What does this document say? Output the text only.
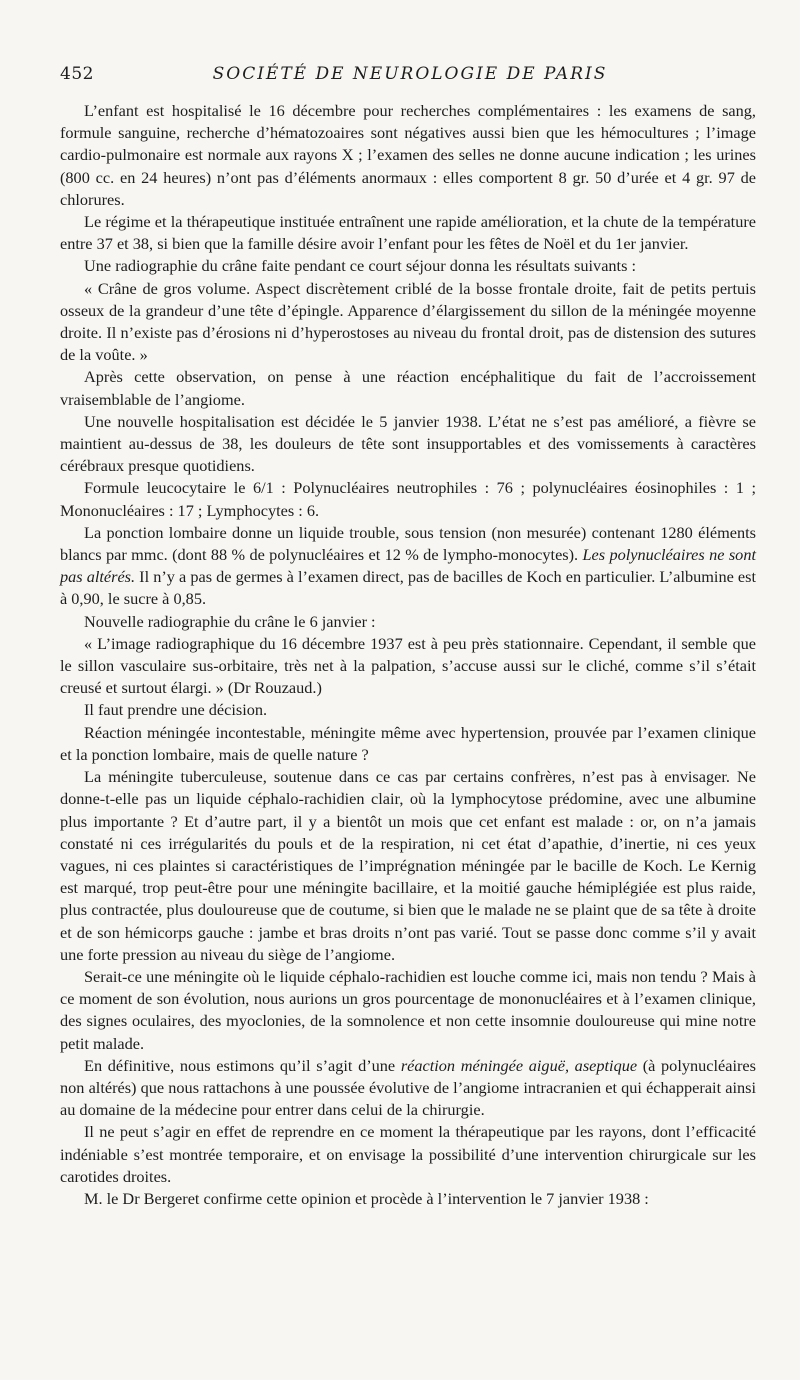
452	SOCIÉTÉ DE NEUROLOGIE DE PARIS

L’enfant est hospitalisé le 16 décembre pour recherches complémentaires : les examens de sang, formule sanguine, recherche d’hématozoaires sont négatives aussi bien que les hémocultures ; l’image cardio-pulmonaire est normale aux rayons X ; l’examen des selles ne donne aucune indication ; les urines (800 cc. en 24 heures) n’ont pas d’éléments anormaux : elles comportent 8 gr. 50 d’urée et 4 gr. 97 de chlorures.

Le régime et la thérapeutique instituée entraînent une rapide amélioration, et la chute de la température entre 37 et 38, si bien que la famille désire avoir l’enfant pour les fêtes de Noël et du 1er janvier.

Une radiographie du crâne faite pendant ce court séjour donna les résultats suivants :

« Crâne de gros volume. Aspect discrètement criblé de la bosse frontale droite, fait de petits pertuis osseux de la grandeur d’une tête d’épingle. Apparence d’élargissement du sillon de la méningée moyenne droite. Il n’existe pas d’érosions ni d’hyperostoses au niveau du frontal droit, pas de distension des sutures de la voûte. »

Après cette observation, on pense à une réaction encéphalitique du fait de l’accroissement vraisemblable de l’angiome.

Une nouvelle hospitalisation est décidée le 5 janvier 1938. L’état ne s’est pas amélioré, a fièvre se maintient au-dessus de 38, les douleurs de tête sont insupportables et des vomissements à caractères cérébraux presque quotidiens.

Formule leucocytaire le 6/1 : Polynucléaires neutrophiles : 76 ; polynucléaires éosinophiles : 1 ; Mononucléaires : 17 ; Lymphocytes : 6.

La ponction lombaire donne un liquide trouble, sous tension (non mesurée) contenant 1280 éléments blancs par mmc. (dont 88 % de polynucléaires et 12 % de lympho-monocytes). Les polynucléaires ne sont pas altérés. Il n’y a pas de germes à l’examen direct, pas de bacilles de Koch en particulier. L’albumine est à 0,90, le sucre à 0,85.

Nouvelle radiographie du crâne le 6 janvier :

« L’image radiographique du 16 décembre 1937 est à peu près stationnaire. Cependant, il semble que le sillon vasculaire sus-orbitaire, très net à la palpation, s’accuse aussi sur le cliché, comme s’il s’était creusé et surtout élargi. » (Dr Rouzaud.)

Il faut prendre une décision.

Réaction méningée incontestable, méningite même avec hypertension, prouvée par l’examen clinique et la ponction lombaire, mais de quelle nature ?

La méningite tuberculeuse, soutenue dans ce cas par certains confrères, n’est pas à envisager. Ne donne-t-elle pas un liquide céphalo-rachidien clair, où la lymphocytose prédomine, avec une albumine plus importante ? Et d’autre part, il y a bientôt un mois que cet enfant est malade : or, on n’a jamais constaté ni ces irrégularités du pouls et de la respiration, ni cet état d’apathie, d’inertie, ni ces yeux vagues, ni ces plaintes si caractéristiques de l’imprégnation méningée par le bacille de Koch. Le Kernig est marqué, trop peut-être pour une méningite bacillaire, et la moitié gauche hémiplégiée est plus raide, plus contractée, plus douloureuse que de coutume, si bien que le malade ne se plaint que de sa tête à droite et de son hémicorps gauche : jambe et bras droits n’ont pas varié. Tout se passe donc comme s’il y avait une forte pression au niveau du siège de l’angiome.

Serait-ce une méningite où le liquide céphalo-rachidien est louche comme ici, mais non tendu ? Mais à ce moment de son évolution, nous aurions un gros pourcentage de mononucléaires et à l’examen clinique, des signes oculaires, des myoclonies, de la somnolence et non cette insomnie douloureuse qui mine notre petit malade.

En définitive, nous estimons qu’il s’agit d’une réaction méningée aiguë, aseptique (à polynucléaires non altérés) que nous rattachons à une poussée évolutive de l’angiome intracranien et qui échapperait ainsi au domaine de la médecine pour entrer dans celui de la chirurgie.

Il ne peut s’agir en effet de reprendre en ce moment la thérapeutique par les rayons, dont l’efficacité indéniable s’est montrée temporaire, et on envisage la possibilité d’une intervention chirurgicale sur les carotides droites.

M. le Dr Bergeret confirme cette opinion et procède à l’intervention le 7 janvier 1938 :
